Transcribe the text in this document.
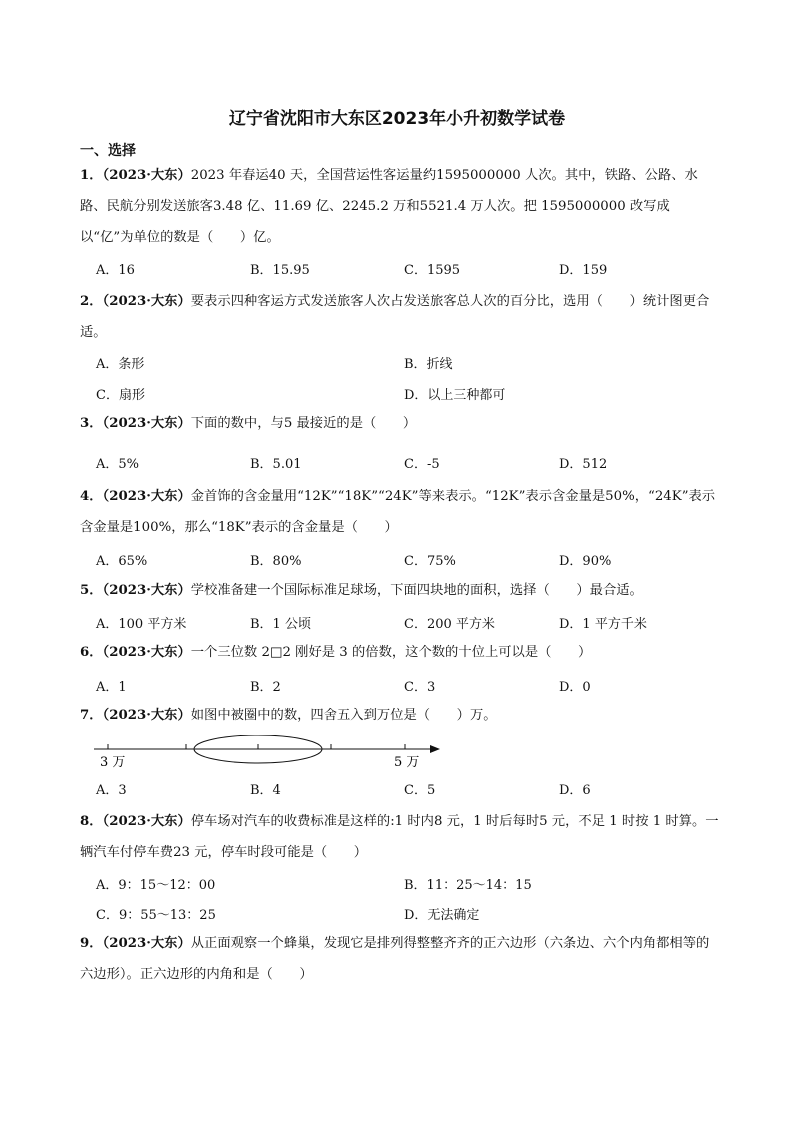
辽宁省沈阳市大东区2023年小升初数学试卷
一、选择
1．（2023·大东）2023 年春运40 天，全国营运性客运量约1595000000 人次。其中，铁路、公路、水路、民航分别发送旅客3.48 亿、11.69 亿、2245.2 万和5521.4 万人次。把 1595000000 改写成以“亿”为单位的数是（　　）亿。
A．16	B．15.95	C．1595	D．159
2．（2023·大东）要表示四种客运方式发送旅客人次占发送旅客总人次的百分比，选用（　　）统计图更合适。
A．条形	B．折线
C．扇形	D．以上三种都可
3．（2023·大东）下面的数中，与5 最接近的是（　　）
A．5%	B．5.01	C．-5	D．512
4．（2023·大东）金首饰的含金量用“12K”“18K”“24K”等来表示。“12K”表示含金量是50%，“24K”表示含金量是100%，那么“18K”表示的含金量是（　　）
A．65%	B．80%	C．75%	D．90%
5．（2023·大东）学校准备建一个国际标准足球场，下面四块地的面积，选择（　　）最合适。
A．100 平方米	B．1 公顷	C．200 平方米	D．1 平方千米
6．（2023·大东）一个三位数 2□2 刚好是 3 的倍数，这个数的十位上可以是（　　）
A．1	B．2	C．3	D．0
7．（2023·大东）如图中被圈中的数，四舍五入到万位是（　　）万。
3 万	5 万
A．3	B．4	C．5	D．6
8．（2023·大东）停车场对汽车的收费标准是这样的:1 时内8 元，1 时后每时5 元，不足 1 时按 1 时算。一辆汽车付停车费23 元，停车时段可能是（　　）
A．9：15～12：00	B．11：25～14：15
C．9：55～13：25	D．无法确定
9．（2023·大东）从正面观察一个蜂巢，发现它是排列得整整齐齐的正六边形（六条边、六个内角都相等的六边形）。正六边形的内角和是（　　）
